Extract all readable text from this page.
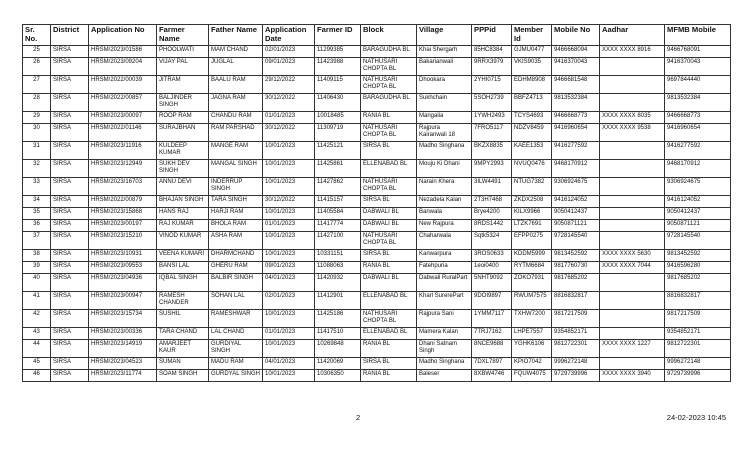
Sr. No.	District	Application No	Farmer Name	Father Name	Application Date	Farmer ID	Block	Village	PPPid	Member Id	Mobile No	Aadhar	MFMB Mobile
25	SIRSA	HRSM/2023/01586	PHOOLWATI	MAM CHAND	02/01/2023	11299385	BARAGUDHA BL	Khai Shergarh	85HC8384	GJMU0477	9466668094	XXXX XXXX 8916	9466768091
26	SIRSA	HRSM/2023/09204	VIJAY PAL	JUGLAL	09/01/2023	11423988	NATHUSARI CHOPTA BL	Bakarianwali	9RRX3979	VKIS9035	9416370043		9416370043
27	SIRSA	HRSM/2022/00039	JITRAM	BAALU RAM	29/12/2022	11409115	NATHUSARI CHOPTA BL	Dhookara	2YHI0715	EDHM8908	9466681548		9697844440
28	SIRSA	HRSM/2022/00857	BALJINDER SINGH	JAGNA RAM	30/12/2022	11406430	BARAGUDHA BL	Sukhchain	5SOH2739	BBFZ4713	9813532384		9813532384
29	SIRSA	HRSM/2023/00097	ROOP RAM	CHANDU RAM	01/01/2023	10018485	RANIA BL	Mangalia	1YWH2493	TCYS4693	9466668773	XXXX XXXX 8035	9466668773
30	SIRSA	HRSM/2022/01146	SURAJBHAN	RAM PARSHAD	30/12/2022	11309719	NATHUSARI CHOPTA BL	Rajpura Kairanwali 18	7FRO5117	NDZV8459	9416960654	XXXX XXXX 9538	9416960654
31	SIRSA	HRSM/2023/11916	KULDEEP KUMAR	MANGE RAM	10/01/2023	11425121	SIRSA BL	Madho Singhana	BKZX8835	KAEE1353	9416277592		9416277592
32	SIRSA	HRSM/2023/12949	SUKH DEV SINGH	MANGAL SINGH	10/01/2023	11425861	ELLENABAD BL	Mouju Ki Dhani	9MPY2993	NVUQ0476	9468170912		9468170912
33	SIRSA	HRSM/2023/16703	ANNU DEVI	INDERRUP SINGH	10/01/2023	11427862	NATHUSARI CHOPTA BL	Narain Khera	3ILW4491	NTUG7382	9306924675		9306924675
34	SIRSA	HRSM/2022/00879	BHAJAN SINGH	TARA SINGH	30/12/2022	11415157	SIRSA BL	Nezadela Kalan	2T3H7468	ZKDX2508	9416124052		9416124052
35	SIRSA	HRSM/2023/15868	HANS RAJ	HARJI RAM	10/01/2023	11405584	DABWALI BL	Banwala	Brye4200	KILX9966	9050412437		9050412437
36	SIRSA	HRSM/2023/00197	RAJ KUMAR	BHOLA RAM	01/01/2023	11417774	DABWALI BL	New Rajpura	8RDS1442	LTZK7691	9050871121		9050871121
37	SIRSA	HRSM/2023/15210	VINOD KUMAR	ASHA RAM	10/01/2023	11427100	NATHUSARI CHOPTA BL	Chaharwala	Sqtk5324	EFPP0275	9728145540		9728145540
38	SIRSA	HRSM/2023/10931	VEENA KUMARI	DHARMCHAND	10/01/2023	10331151	SIRSA BL	Kanwarpura	3ROS0633	KDDM5999	9813452592	XXXX XXXX 5630	9813452592
39	SIRSA	HRSM/2023/09553	BANSI LAL	GHERU RAM	09/01/2023	11088063	RANIA BL	Fatehpuria	1eoi0400	RYTM6684	9817760730	XXXX XXXX 7044	9416596280
40	SIRSA	HRSM/2023/04936	IQBAL SINGH	BALBIR SINGH	04/01/2023	11420932	DABWALI BL	Dabwali RuralPart	5NHT9092	ZOKO7931	9817685202		9817685202
41	SIRSA	HRSM/2023/00947	RAMESH CHANDER	SOHAN LAL	02/01/2023	11412901	ELLENABAD BL	Kharl SurerePart	9DOI9897	RWUM7575	8816832817		8816832817
42	SIRSA	HRSM/2023/15734	SUSHIL	RAMESHWAR	10/01/2023	11425186	NATHUSARI CHOPTA BL	Rajpura Sani	1YMM7117	TXHW7200	9817217509		9817217509
43	SIRSA	HRSM/2023/00336	TARA CHAND	LAL CHAND	01/01/2023	11417510	ELLENABAD BL	Mamera Kalan	7TRJ7162	LHPE7557	9354852171		9354852171
44	SIRSA	HRSM/2023/14919	AMARJEET KAUR	GURDIYAL SINGH	10/01/2023	10269848	RANIA BL	Dhani Satnam Singh	8NCE9688	YGHK6106	9812722301	XXXX XXXX 1227	9812722301
45	SIRSA	HRSM/2023/04523	SUMAN	MADU RAM	04/01/2023	11420069	SIRSA BL	Madho Singhana	7DXL7897	KPIO7042	9996272148		9996272148
46	SIRSA	HRSM/2023/11774	SOAM SINGH	GURDYAL SINGH	10/01/2023	10306350	RANIA BL	Baleser	8XBW4746	FQUW4075	9729739996	XXXX XXXX 3940	9729739996
2	24-02-2023 10:45
